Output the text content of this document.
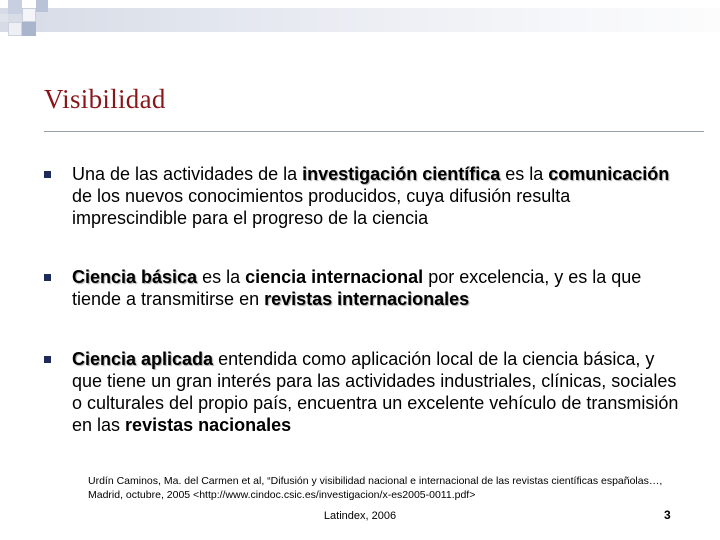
Visibilidad
Una de las actividades de la investigación científica es la comunicación de los nuevos conocimientos producidos, cuya difusión resulta imprescindible para el progreso de la ciencia
Ciencia básica es la ciencia internacional por excelencia, y es la que tiende a transmitirse en revistas internacionales
Ciencia aplicada entendida como aplicación local de la ciencia básica, y que tiene un gran interés para las actividades industriales, clínicas, sociales o culturales del propio país, encuentra un excelente vehículo de transmisión en las revistas nacionales
Urdín Caminos, Ma. del Carmen et al, “Difusión y visibilidad nacional e internacional de las revistas científicas españolas…, Madrid, octubre, 2005 <http://www.cindoc.csic.es/investigacion/x-es2005-0011.pdf>
Latindex, 2006	3
